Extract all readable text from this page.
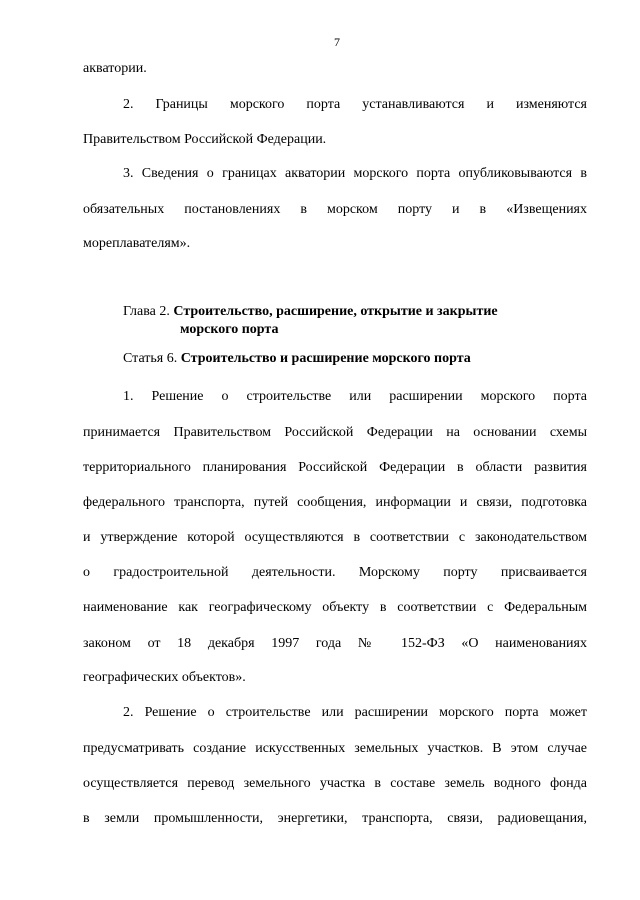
7
акватории.
2. Границы морского порта устанавливаются и изменяются
Правительством Российской Федерации.
3. Сведения о границах акватории морского порта опубликовываются в
обязательных постановлениях в морском порту и в «Извещениях
мореплавателям».
Глава 2. Строительство, расширение, открытие и закрытие
морского порта
Статья 6. Строительство и расширение морского порта
1. Решение о строительстве или расширении морского порта
принимается Правительством Российской Федерации на основании схемы
территориального планирования Российской Федерации в области развития
федерального транспорта, путей сообщения, информации и связи, подготовка
и утверждение которой осуществляются в соответствии с законодательством
о градостроительной деятельности. Морскому порту присваивается
наименование как географическому объекту в соответствии с Федеральным
законом от 18 декабря 1997 года № 152-ФЗ «О наименованиях
географических объектов».
2. Решение о строительстве или расширении морского порта может
предусматривать создание искусственных земельных участков. В этом случае
осуществляется перевод земельного участка в составе земель водного фонда
в земли промышленности, энергетики, транспорта, связи, радиовещания,
